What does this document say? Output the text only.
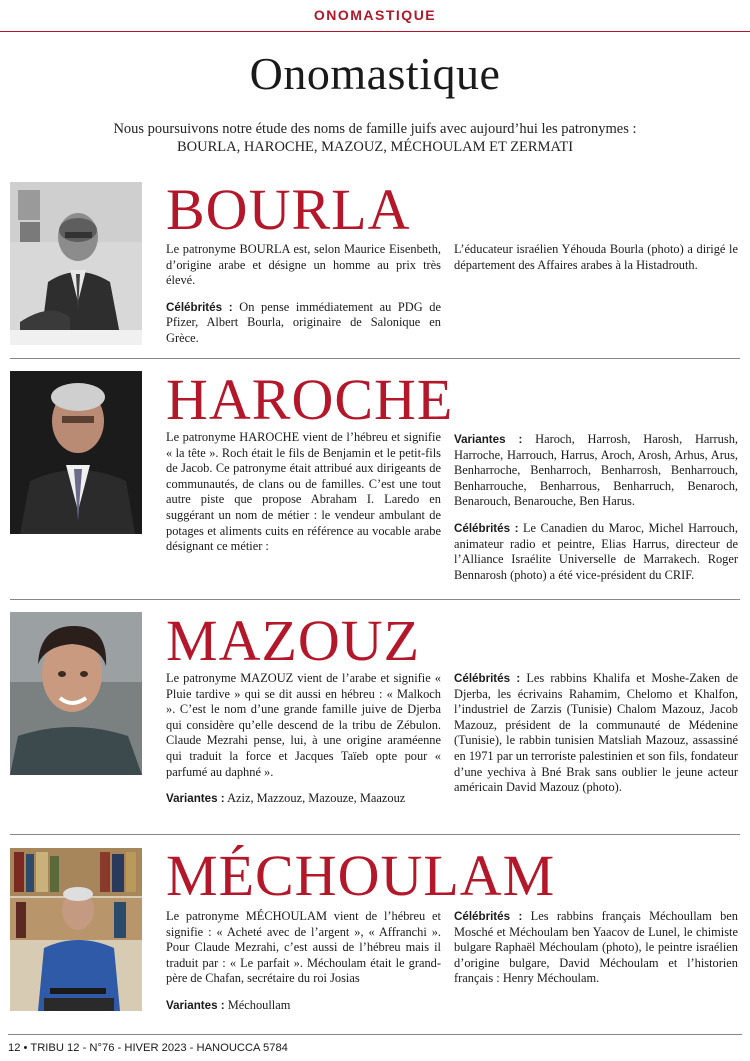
ONOMASTIQUE
Onomastique
Nous poursuivons notre étude des noms de famille juifs avec aujourd’hui les patronymes :
BOURLA, HAROCHE, MAZOUZ, MÉCHOULAM ET ZERMATI
BOURLA

Le patronyme BOURLA est, selon Maurice Eisenbeth, d’origine arabe et désigne un homme au prix très élevé.

Célébrités : On pense immédiatement au PDG de Pfizer, Albert Bourla, originaire de Salonique en Grèce.

L’éducateur israélien Yéhouda Bourla (photo) a dirigé le département des Affaires arabes à la Histadrouth.

HAROCHE

Le patronyme HAROCHE vient de l’hébreu et signifie « la tête ». Roch était le fils de Benjamin et le petit-fils de Jacob. Ce patronyme était attribué aux dirigeants de communautés, de clans ou de familles. C’est une tout autre piste que propose Abraham I. Laredo en suggérant un nom de métier : le vendeur ambulant de potages et aliments cuits en référence au vocable arabe désignant ce métier :

Variantes : Haroch, Harrosh, Harosh, Harrush, Harroche, Harrouch, Harrus, Aroch, Arosh, Arhus, Arus, Benharroche, Benharroch, Benharrosh, Benharrouch, Benharrouche, Benharrous, Benharruch, Benaroch, Benarouch, Benarouche, Ben Harus.

Célébrités : Le Canadien du Maroc, Michel Harrouch, animateur radio et peintre, Elias Harrus, directeur de l’Alliance Israélite Universelle de Marrakech. Roger Bennarosh (photo) a été vice-président du CRIF.

MAZOUZ

Le patronyme MAZOUZ vient de l’arabe et signifie « Pluie tardive » qui se dit aussi en hébreu : « Malkoch ». C’est le nom d’une grande famille juive de Djerba qui considère qu’elle descend de la tribu de Zébulon. Claude Mezrahi pense, lui, à une origine araméenne qui traduit la force et Jacques Taïeb opte pour « parfumé au daphné ».

Variantes : Aziz, Mazzouz, Mazouze, Maazouz

Célébrités : Les rabbins Khalifa et Moshe-Zaken de Djerba, les écrivains Rahamim, Chelomo et Khalfon, l’industriel de Zarzis (Tunisie) Chalom Mazouz, Jacob Mazouz, président de la communauté de Médenine (Tunisie), le rabbin tunisien Matsliah Mazouz, assassiné en 1971 par un terroriste palestinien et son fils, fondateur d’une yechiva à Bné Brak sans oublier le jeune acteur américain David Mazouz (photo).

MÉCHOULAM

Le patronyme MÉCHOULAM vient de l’hébreu et signifie : « Acheté avec de l’argent », « Affranchi ». Pour Claude Mezrahi, c’est aussi de l’hébreu mais il traduit par : « Le parfait ». Méchoulam était le grand-père de Chafan, secrétaire du roi Josias

Variantes : Méchoullam

Célébrités : Les rabbins français Méchoullam ben Mosché et Méchoulam ben Yaacov de Lunel, le chimiste bulgare Raphaël Méchoulam (photo), le peintre israélien d’origine bulgare, David Méchoulam et l’historien français : Henry Méchoulam.

12 • TRIBU 12 - N°76 - HIVER 2023 - HANOUCCA 5784
